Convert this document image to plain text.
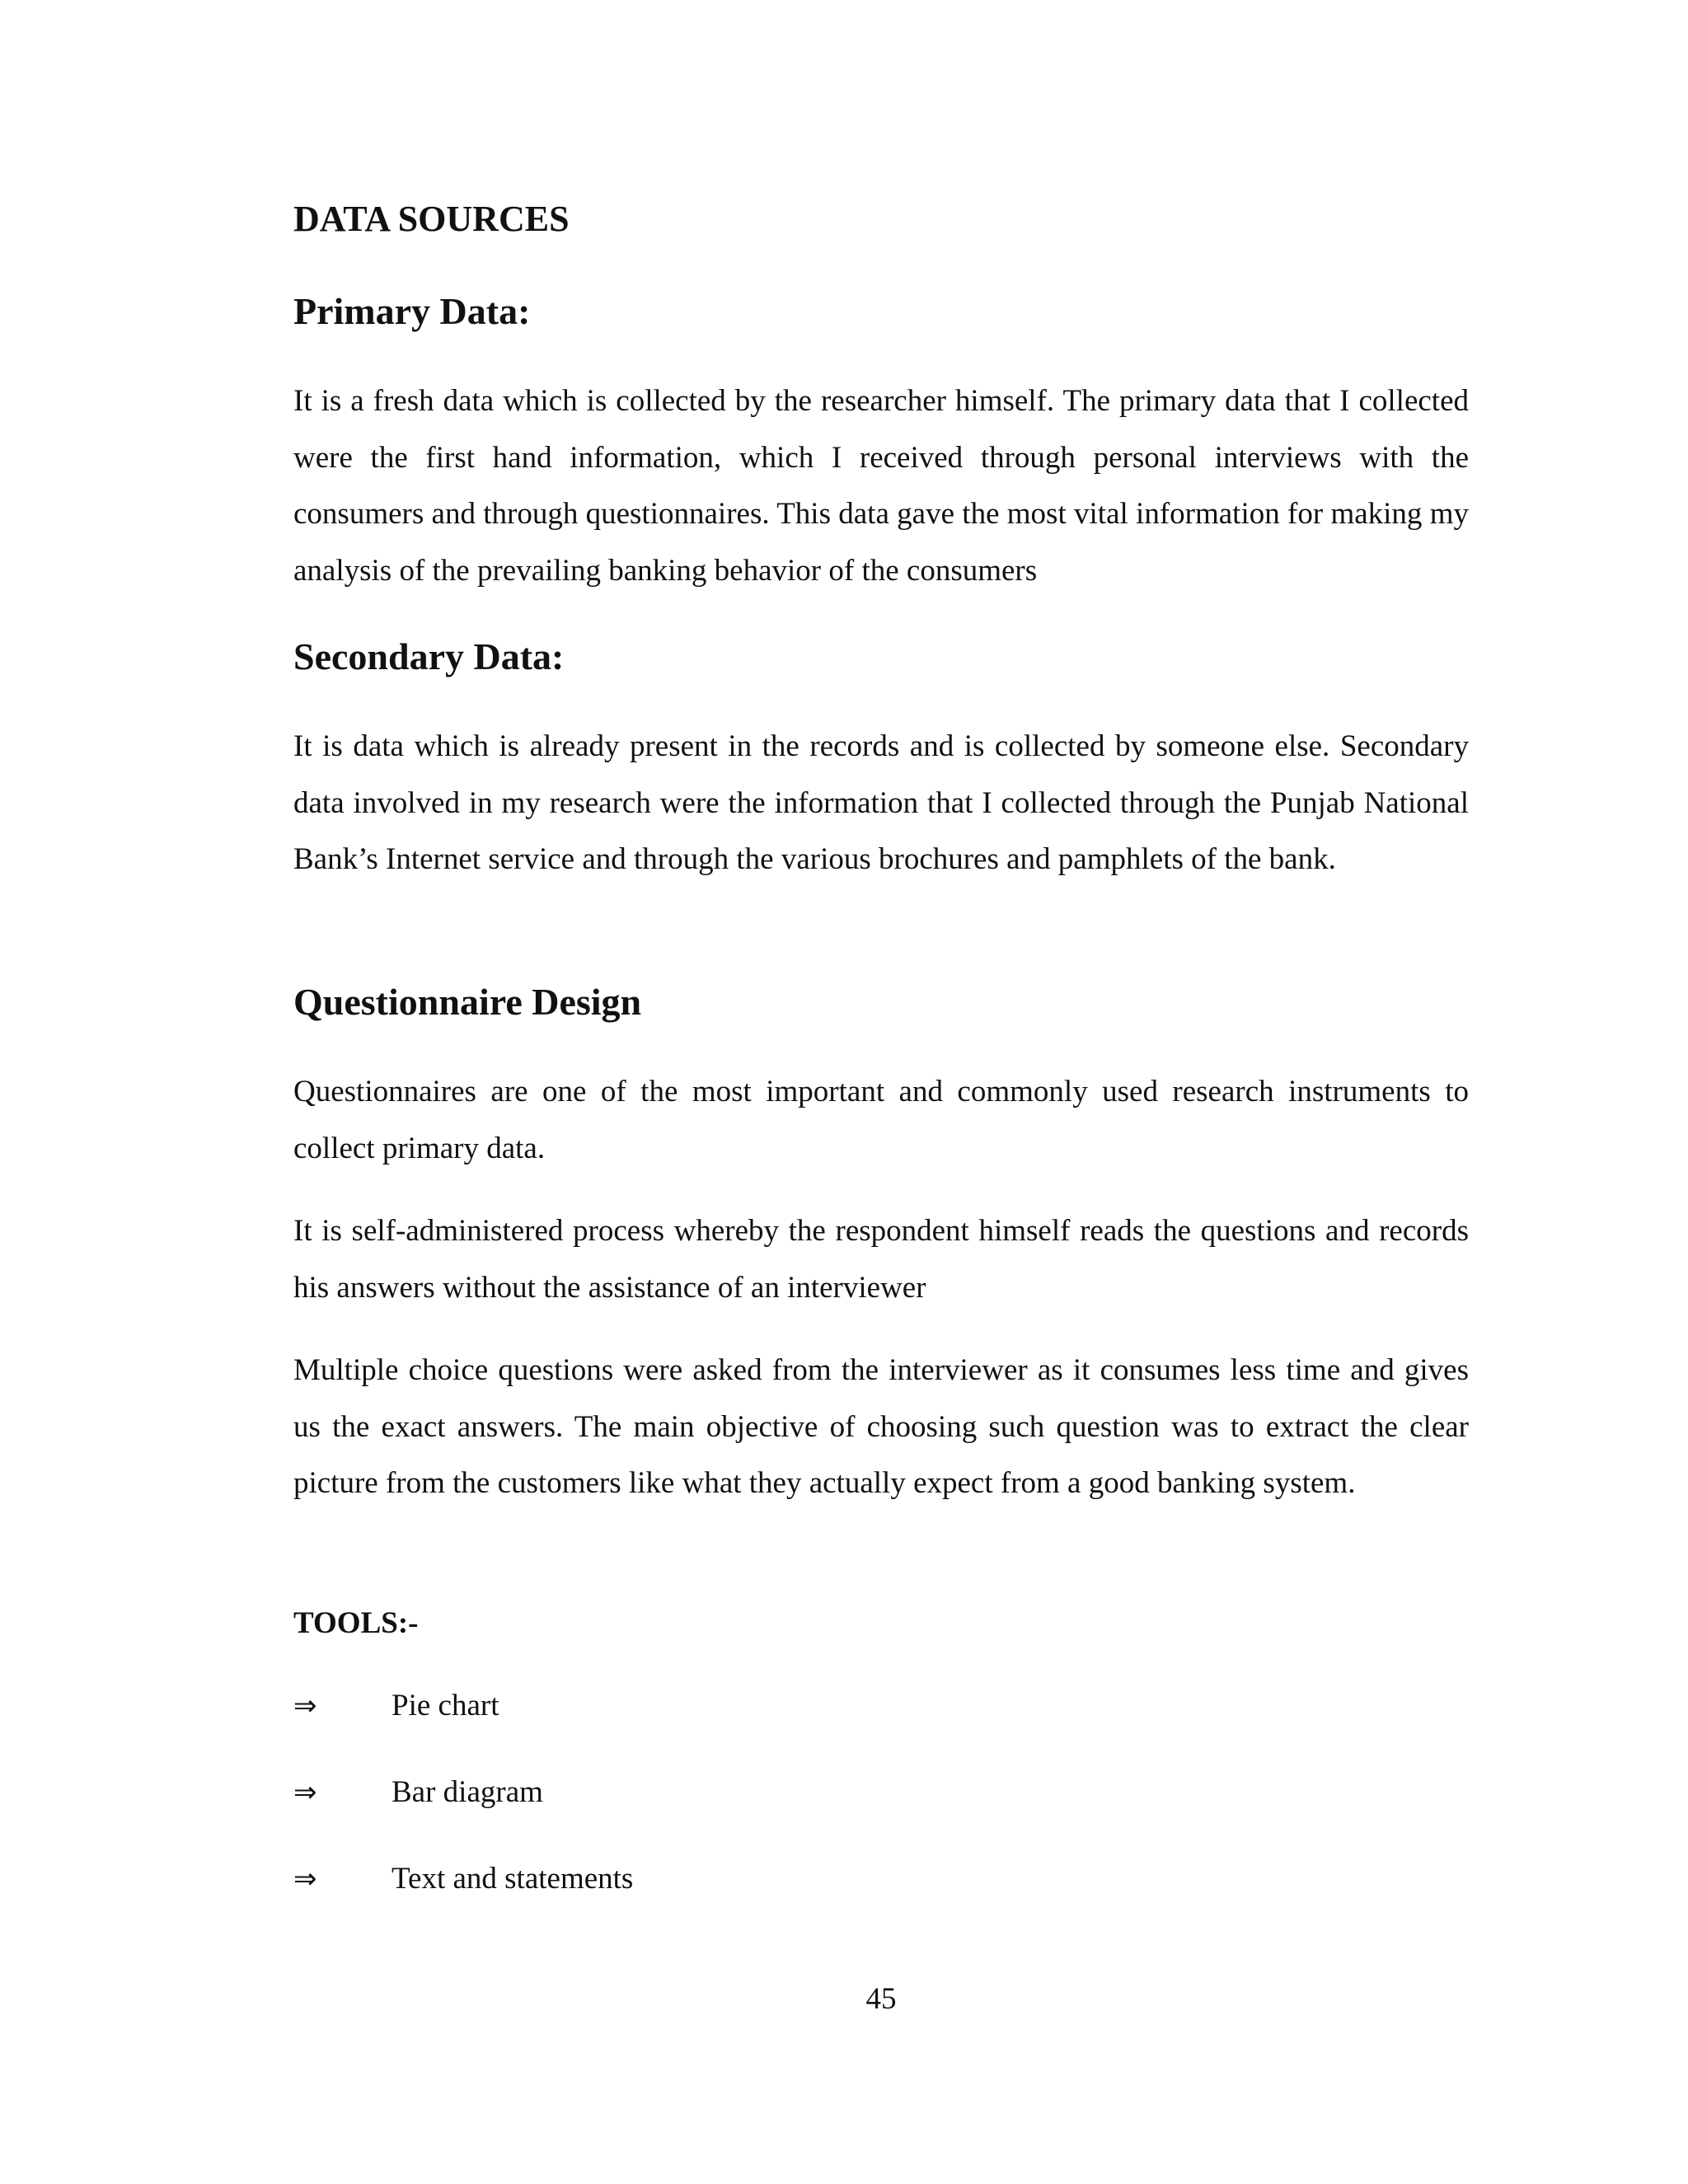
DATA SOURCES
Primary Data:

It is a fresh data which is collected by the researcher himself. The primary data that I collected were the first hand information, which I received through personal interviews with the consumers and through questionnaires. This data gave the most vital information for making my analysis of the prevailing banking behavior of the consumers

Secondary Data:

It is data which is already present in the records and is collected by someone else. Secondary data involved in my research were the information that I collected through the Punjab National Bank’s Internet service and through the various brochures and pamphlets of the bank.

Questionnaire Design

Questionnaires are one of the most important and commonly used research instruments to collect primary data.

It is self-administered process whereby the respondent himself reads the questions and records his answers without the assistance of an interviewer

Multiple choice questions were asked from the interviewer as it consumes less time and gives us the exact answers. The main objective of choosing such question was to extract the clear picture from the customers like what they actually expect from a good banking system.

TOOLS:-
⇒ Pie chart
⇒ Bar diagram
⇒ Text and statements

45
